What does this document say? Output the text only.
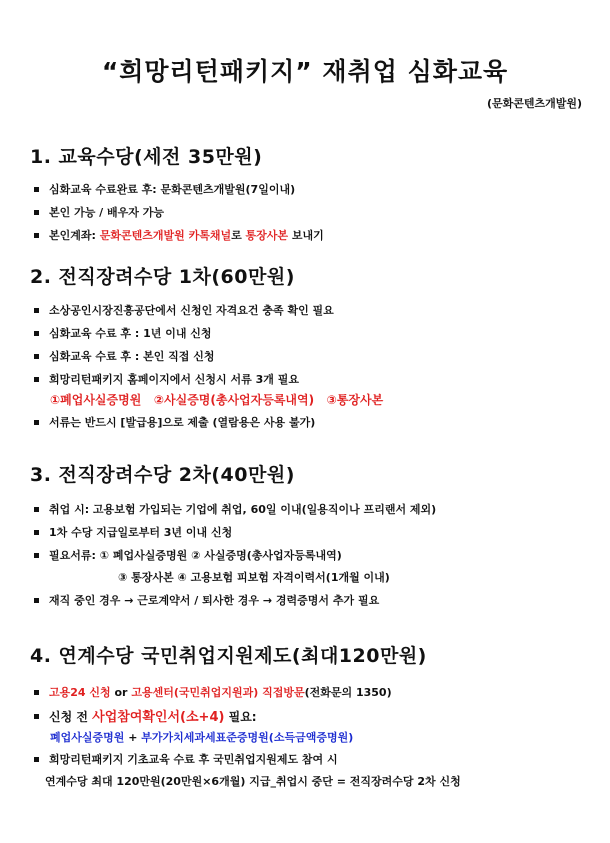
“희망리턴패키지” 재취업 심화교육
(문화콘텐츠개발원)
1. 교육수당(세전 35만원)
심화교육 수료완료 후: 문화콘텐츠개발원(7일이내)
본인 가능 / 배우자 가능
본인계좌: 문화콘텐츠개발원 카톡채널로 통장사본 보내기
2. 전직장려수당 1차(60만원)
소상공인시장진흥공단에서 신청인 자격요건 충족 확인 필요
심화교육 수료 후 : 1년 이내 신청
심화교육 수료 후 : 본인 직접 신청
희망리턴패키지 홈페이지에서 신청시 서류 3개 필요
①폐업사실증명원 ②사실증명(총사업자등록내역) ③통장사본
서류는 반드시 [발급용]으로 제출 (열람용은 사용 불가)
3. 전직장려수당 2차(40만원)
취업 시: 고용보험 가입되는 기업에 취업, 60일 이내(일용직이나 프리랜서 제외)
1차 수당 지급일로부터 3년 이내 신청
필요서류: ① 폐업사실증명원 ② 사실증명(총사업자등록내역)
③ 통장사본 ④ 고용보험 피보험 자격이력서(1개월 이내)
재직 중인 경우 → 근로계약서 / 퇴사한 경우 → 경력증명서 추가 필요
4. 연계수당 국민취업지원제도(최대120만원)
고용24 신청 or 고용센터(국민취업지원과) 직접방문(전화문의 1350)
신청 전 사업참여확인서(소+4) 필요:
폐업사실증명원 + 부가가치세과세표준증명원(소득금액증명원)
희망리턴패키지 기초교육 수료 후 국민취업지원제도 참여 시
연계수당 최대 120만원(20만원×6개월) 지급_취업시 중단 = 전직장려수당 2차 신청
